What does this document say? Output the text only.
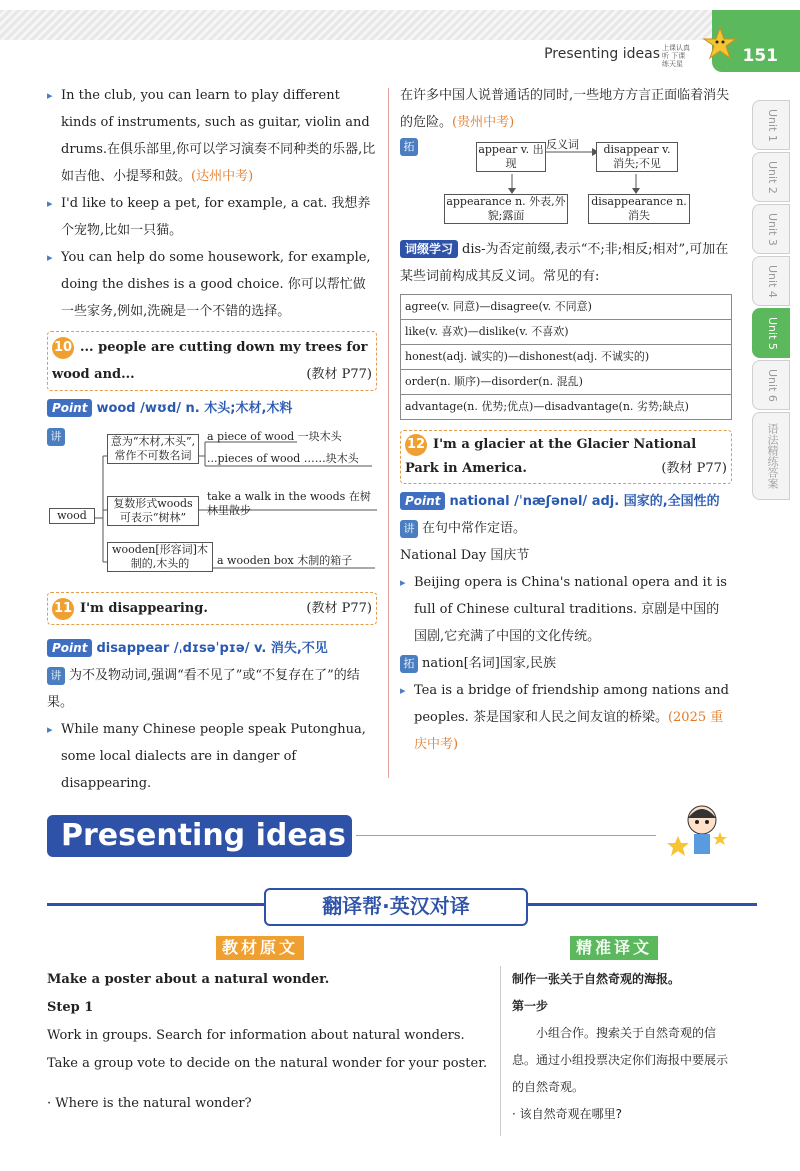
Presenting ideas 上课认真听 下课练天星	151
Unit 1
Unit 2
Unit 3
Unit 4
Unit 5
Unit 6
语法精练答案

▸ In the club, you can learn to play different kinds of instruments, such as guitar, violin and drums.在俱乐部里,你可以学习演奏不同种类的乐器,比如吉他、小提琴和鼓。(达州中考)

▸ I'd like to keep a pet, for example, a cat. 我想养个宠物,比如一只猫。

▸ You can help do some housework, for example, doing the dishes is a good choice. 你可以帮忙做一些家务,例如,洗碗是一个不错的选择。

10 ... people are cutting down my trees for wood and...	(教材 P77)

Point wood /wʊd/ n. 木头;木材,木料

讲
wood
意为“木材,木头”,常作不可数名词
a piece of wood 一块木头
...pieces of wood ……块木头
复数形式woods可表示“树林”
take a walk in the woods 在树林里散步
wooden[形容词]木制的,木头的	a wooden box 木制的箱子

11 I'm disappearing.	(教材 P77)

Point disappear /ˌdɪsəˈpɪə/ v. 消失,不见

讲 为不及物动词,强调“看不见了”或“不复存在了”的结果。

▸ While many Chinese people speak Putonghua, some local dialects are in danger of disappearing.

在许多中国人说普通话的同时,一些地方方言正面临着消失的危险。(贵州中考)

拓	appear v. 出现
反义词	disappear v. 消失;不见
appearance n. 外表,外貌;露面
disappearance n. 消失

词缀学习 dis-为否定前缀,表示“不;非;相反;相对”,可加在某些词前构成其反义词。常见的有:

agree(v. 同意)—disagree(v. 不同意)
like(v. 喜欢)—dislike(v. 不喜欢)
honest(adj. 诚实的)—dishonest(adj. 不诚实的)
order(n. 顺序)—disorder(n. 混乱)
advantage(n. 优势;优点)—disadvantage(n. 劣势;缺点)

12 I'm a glacier at the Glacier National Park in America.	(教材 P77)

Point national /ˈnæʃənəl/ adj. 国家的,全国性的

讲 在句中常作定语。

National Day 国庆节

▸ Beijing opera is China's national opera and it is full of Chinese cultural traditions. 京剧是中国的国剧,它充满了中国的文化传统。

拓 nation[名词]国家,民族

▸ Tea is a bridge of friendship among nations and peoples. 茶是国家和人民之间友谊的桥梁。(2025 重庆中考)

Presenting ideas
翻译帮·英汉对译
教材原文	精准译文

Make a poster about a natural wonder.

Step 1

Work in groups. Search for information about natural wonders. Take a group vote to decide on the natural wonder for your poster.

· Where is the natural wonder?

制作一张关于自然奇观的海报。

第一步

小组合作。搜索关于自然奇观的信息。通过小组投票决定你们海报中要展示的自然奇观。

· 该自然奇观在哪里?
